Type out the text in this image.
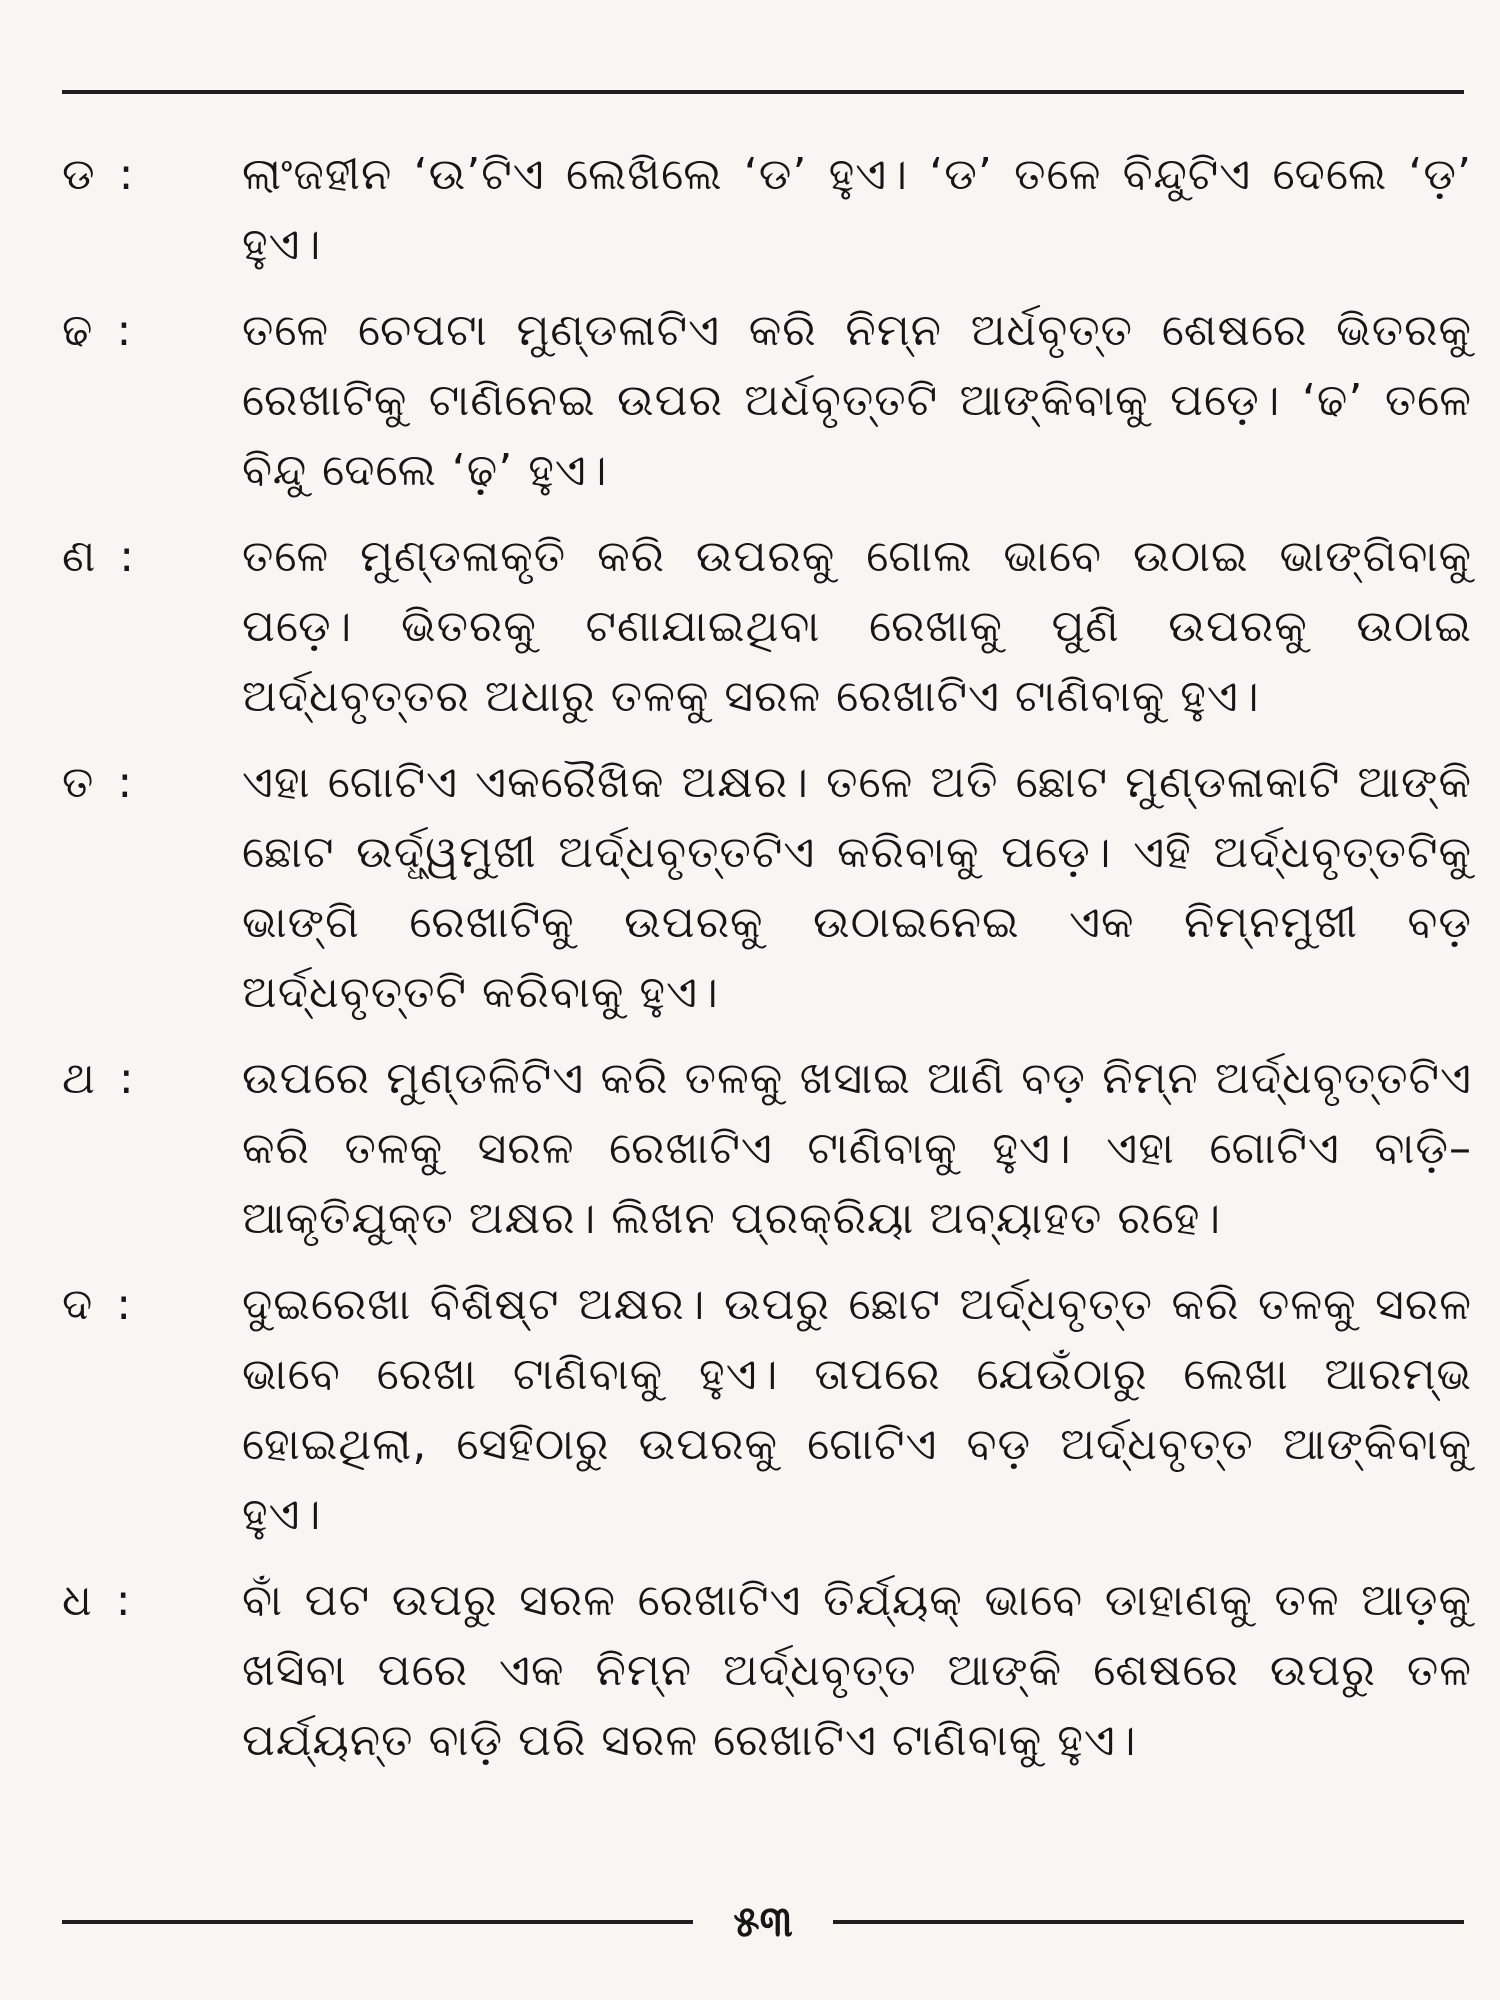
ଡ :	ଲାଂଜହୀନ ‘ଉ’ଟିଏ ଲେଖିଲେ ‘ଡ’ ହୁଏ। ‘ଡ’ ତଳେ ବିନ୍ଦୁଟିଏ ଦେଲେ ‘ଡ଼’ ହୁଏ।
ଢ :	ତଳେ ଚେପଟା ମୁଣ୍ଡଳାଟିଏ କରି ନିମ୍ନ ଅର୍ଧବୃତ୍ତ ଶେଷରେ ଭିତରକୁ ରେଖାଟିକୁ ଟାଣିନେଇ ଉପର ଅର୍ଧବୃତ୍ତଟି ଆଙ୍କିବାକୁ ପଡ଼େ। ‘ଢ’ ତଳେ ବିନ୍ଦୁ ଦେଲେ ‘ଢ଼’ ହୁଏ।
ଣ :	ତଳେ ମୁଣ୍ଡଳାକୃତି କରି ଉପରକୁ ଗୋଲ ଭାବେ ଉଠାଇ ଭାଙ୍ଗିବାକୁ ପଡ଼େ। ଭିତରକୁ ଟଣାଯାଇଥିବା ରେଖାକୁ ପୁଣି ଉପରକୁ ଉଠାଇ ଅର୍ଦ୍ଧବୃତ୍ତର ଅଧାରୁ ତଳକୁ ସରଳ ରେଖାଟିଏ ଟାଣିବାକୁ ହୁଏ।
ତ :	ଏହା ଗୋଟିଏ ଏକରୈଖିକ ଅକ୍ଷର। ତଳେ ଅତି ଛୋଟ ମୁଣ୍ଡଳାକାଟି ଆଙ୍କି ଛୋଟ ଉର୍ଦ୍ଧ୍ୱମୁଖୀ ଅର୍ଦ୍ଧବୃତ୍ତଟିଏ କରିବାକୁ ପଡ଼େ। ଏହି ଅର୍ଦ୍ଧବୃତ୍ତଟିକୁ ଭାଙ୍ଗି ରେଖାଟିକୁ ଉପରକୁ ଉଠାଇନେଇ ଏକ ନିମ୍ନମୁଖୀ ବଡ଼ ଅର୍ଦ୍ଧବୃତ୍ତଟି କରିବାକୁ ହୁଏ।
ଥ :	ଉପରେ ମୁଣ୍ଡଳିଟିଏ କରି ତଳକୁ ଖସାଇ ଆଣି ବଡ଼ ନିମ୍ନ ଅର୍ଦ୍ଧବୃତ୍ତଟିଏ କରି ତଳକୁ ସରଳ ରେଖାଟିଏ ଟାଣିବାକୁ ହୁଏ। ଏହା ଗୋଟିଏ ବାଡ଼ି–ଆକୃତିଯୁକ୍ତ ଅକ୍ଷର। ଲିଖନ ପ୍ରକ୍ରିୟା ଅବ୍ୟାହତ ରହେ।
ଦ :	ଦୁଇରେଖା ବିଶିଷ୍ଟ ଅକ୍ଷର। ଉପରୁ ଛୋଟ ଅର୍ଦ୍ଧବୃତ୍ତ କରି ତଳକୁ ସରଳ ଭାବେ ରେଖା ଟାଣିବାକୁ ହୁଏ। ତାପରେ ଯେଉଁଠାରୁ ଲେଖା ଆରମ୍ଭ ହୋଇଥିଲା, ସେହିଠାରୁ ଉପରକୁ ଗୋଟିଏ ବଡ଼ ଅର୍ଦ୍ଧବୃତ୍ତ ଆଙ୍କିବାକୁ ହୁଏ।
ଧ :	ବାଁ ପଟ ଉପରୁ ସରଳ ରେଖାଟିଏ ତିର୍ଯ୍ୟକ୍ ଭାବେ ଡାହାଣକୁ ତଳ ଆଡ଼କୁ ଖସିବା ପରେ ଏକ ନିମ୍ନ ଅର୍ଦ୍ଧବୃତ୍ତ ଆଙ୍କି ଶେଷରେ ଉପରୁ ତଳ ପର୍ଯ୍ୟନ୍ତ ବାଡ଼ି ପରି ସରଳ ରେଖାଟିଏ ଟାଣିବାକୁ ହୁଏ।
୫୩
